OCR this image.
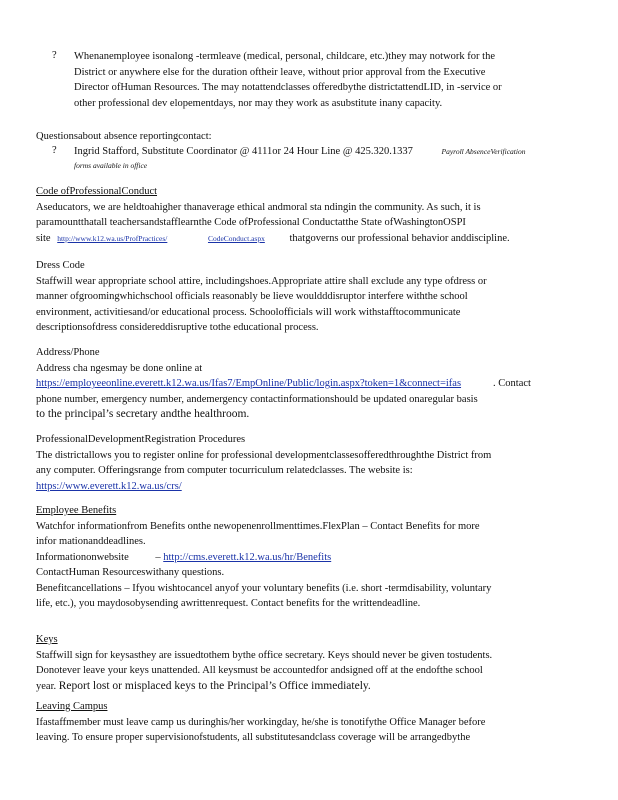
? Whenanemployee isonalong -termleave (medical, personal, childcare, etc.)they may notwork for the
District or anywhere else for the duration oftheir leave, without prior approval from the Executive
Director ofHuman Resources. The may notattendclasses offeredbythe districtattendLID, in -service or
other professional dev elopementdays, nor may they work as asubstitute inany capacity.
Questionsabout absence reportingcontact:
? Ingrid Stafford, Substitute Coordinator @ 4111or 24 Hour Line @ 425.320.1337	Payroll AbsenceVerification
forms available in office
Code ofProfessionalConduct
Aseducators, we are heldtoahigher thanaverage ethical andmoral sta ndingin the community. As such, it is
paramountthatall teachersandstafflearnthe Code ofProfessional Conductatthe State ofWashingtonOSPI
site http://www.k12.wa.us/ProfPractices/	CodeConduct.aspx thatgoverns our professional behavior anddiscipline.
Dress Code
Staffwill wear appropriate school attire, includingshoes.Appropriate attire shall exclude any type ofdress or
manner ofgroomingwhichschool officials reasonably be lieve wouldddisruptor interfere withthe school
environment, activitiesand/or educational process. Schoolofficials will work withstafftocommunicate
descriptionsofdress considereddisruptive tothe educational process.
Address/Phone
Address cha ngesmay be done online at
https://employeeonline.everett.k12.wa.us/Ifas7/EmpOnline/Public/login.aspx?token=1&connect=ifas	. Contact
phone number, emergency number, andemergency contactinformationshould be updated onaregular basis
to the principal’s secretary andthe healthroom.
ProfessionalDevelopmentRegistration Procedures
The districtallows you to register online for professional developmentclassesofferedthroughthe District from
any computer. Offeringsrange from computer tocurriculum relatedclasses. The website is:
https://www.everett.k12.wa.us/crs/
Employee Benefits
Watchfor informationfrom Benefits onthe newopenenrollmenttimes.FlexPlan – Contact Benefits for more
infor mationanddeadlines.
Informationonwebsite	– http://cms.everett.k12.wa.us/hr/Benefits
ContactHuman Resourceswithany questions.
Benefitcancellations – Ifyou wishtocancel anyof your voluntary benefits (i.e. short -termdisability, voluntary
life, etc.), you maydosobysending awrittenrequest. Contact benefits for the writtendeadline.
Keys
Staffwill sign for keysasthey are issuedtothem bythe office secretary. Keys should never be given tostudents.
Donotever leave your keys unattended. All keysmust be accountedfor andsigned off at the endofthe school
year. Report lost or misplaced keys to the Principal’s Office immediately.
Leaving Campus
Ifastaffmember must leave camp us duringhis/her workingday, he/she is tonotifythe Office Manager before
leaving. To ensure proper supervisionofstudents, all substitutesandclass coverage will be arrangedbythe
